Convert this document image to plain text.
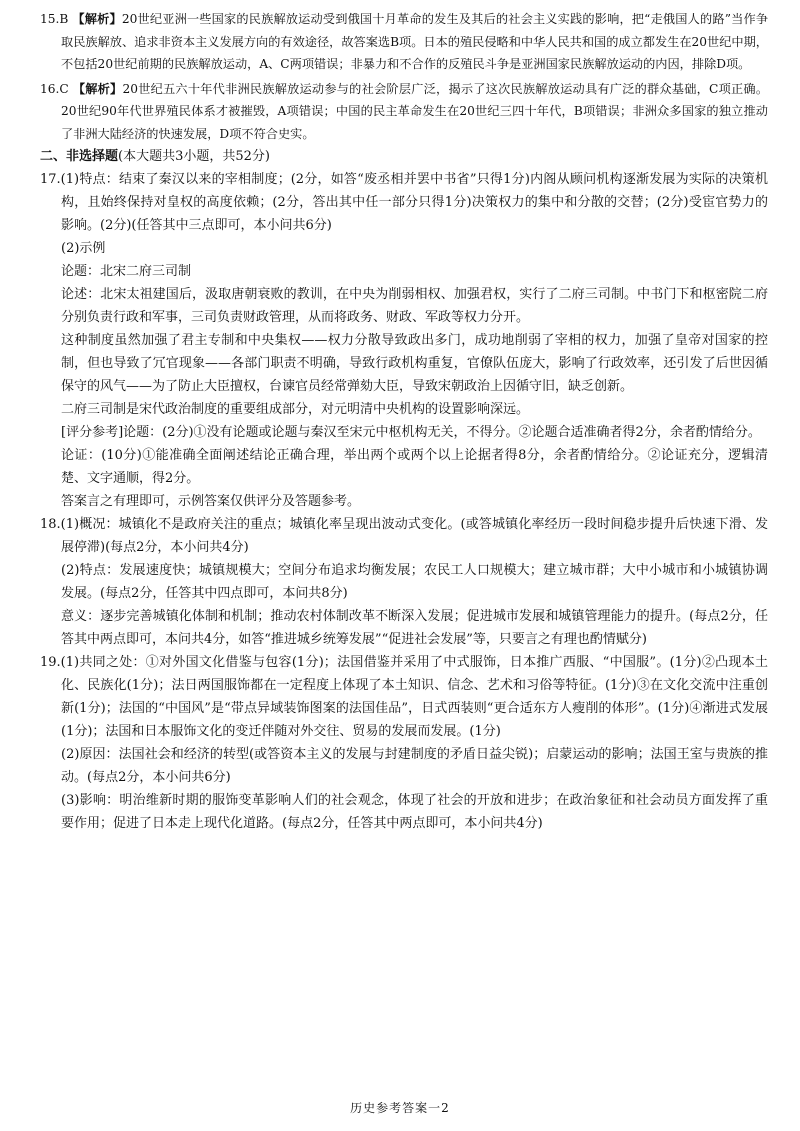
15.B 【解析】20世纪亚洲一些国家的民族解放运动受到俄国十月革命的发生及其后的社会主义实践的影响，把“走俄国人的路”当作争取民族解放、追求非资本主义发展方向的有效途径，故答案选B项。日本的殖民侵略和中华人民共和国的成立都发生在20世纪中期，不包括20世纪前期的民族解放运动，A、C两项错误；非暴力和不合作的反殖民斗争是亚洲国家民族解放运动的内因，排除D项。

16.C 【解析】20世纪五六十年代非洲民族解放运动参与的社会阶层广泛，揭示了这次民族解放运动具有广泛的群众基础，C项正确。20世纪90年代世界殖民体系才被摧毁，A项错误；中国的民主革命发生在20世纪三四十年代，B项错误；非洲众多国家的独立推动了非洲大陆经济的快速发展，D项不符合史实。

二、非选择题(本大题共3小题，共52分)

17.(1)特点：结束了秦汉以来的宰相制度；(2分，如答“废丞相并罢中书省”只得1分)内阁从顾问机构逐渐发展为实际的决策机构，且始终保持对皇权的高度依赖；(2分，答出其中任一部分只得1分)决策权力的集中和分散的交替；(2分)受宦官势力的影响。(2分)(任答其中三点即可，本小问共6分)

(2)示例

论题：北宋二府三司制

论述：北宋太祖建国后，汲取唐朝衰败的教训，在中央为削弱相权、加强君权，实行了二府三司制。中书门下和枢密院二府分别负责行政和军事，三司负责财政管理，从而将政务、财政、军政等权力分开。

这种制度虽然加强了君主专制和中央集权——权力分散导致政出多门，成功地削弱了宰相的权力，加强了皇帝对国家的控制，但也导致了冗官现象——各部门职责不明确，导致行政机构重复，官僚队伍庞大，影响了行政效率，还引发了后世因循保守的风气——为了防止大臣擅权，台谏官员经常弹劾大臣，导致宋朝政治上因循守旧，缺乏创新。

二府三司制是宋代政治制度的重要组成部分，对元明清中央机构的设置影响深远。

[评分参考]论题：(2分)①没有论题或论题与秦汉至宋元中枢机构无关，不得分。②论题合适准确者得2分，余者酌情给分。

论证：(10分)①能准确全面阐述结论正确合理，举出两个或两个以上论据者得8分，余者酌情给分。②论证充分，逻辑清楚、文字通顺，得2分。

答案言之有理即可，示例答案仅供评分及答题参考。

18.(1)概况：城镇化不是政府关注的重点；城镇化率呈现出波动式变化。(或答城镇化率经历一段时间稳步提升后快速下滑、发展停滞)(每点2分，本小问共4分)

(2)特点：发展速度快；城镇规模大；空间分布追求均衡发展；农民工人口规模大；建立城市群；大中小城市和小城镇协调发展。(每点2分，任答其中四点即可，本问共8分)

意义：逐步完善城镇化体制和机制；推动农村体制改革不断深入发展；促进城市发展和城镇管理能力的提升。(每点2分，任答其中两点即可，本问共4分，如答“推进城乡统筹发展”“促进社会发展”等，只要言之有理也酌情赋分)

19.(1)共同之处：①对外国文化借鉴与包容(1分)；法国借鉴并采用了中式服饰，日本推广西服、“中国服”。(1分)②凸现本土化、民族化(1分)；法日两国服饰都在一定程度上体现了本土知识、信念、艺术和习俗等特征。(1分)③在文化交流中注重创新(1分)；法国的“中国风”是“带点异域装饰图案的法国佳品”，日式西装则“更合适东方人瘦削的体形”。(1分)④渐进式发展(1分)；法国和日本服饰文化的变迁伴随对外交往、贸易的发展而发展。(1分)

(2)原因：法国社会和经济的转型(或答资本主义的发展与封建制度的矛盾日益尖锐)；启蒙运动的影响；法国王室与贵族的推动。(每点2分，本小问共6分)

(3)影响：明治维新时期的服饰变革影响人们的社会观念，体现了社会的开放和进步；在政治象征和社会动员方面发挥了重要作用；促进了日本走上现代化道路。(每点2分，任答其中两点即可，本小问共4分)

历史参考答案一2
